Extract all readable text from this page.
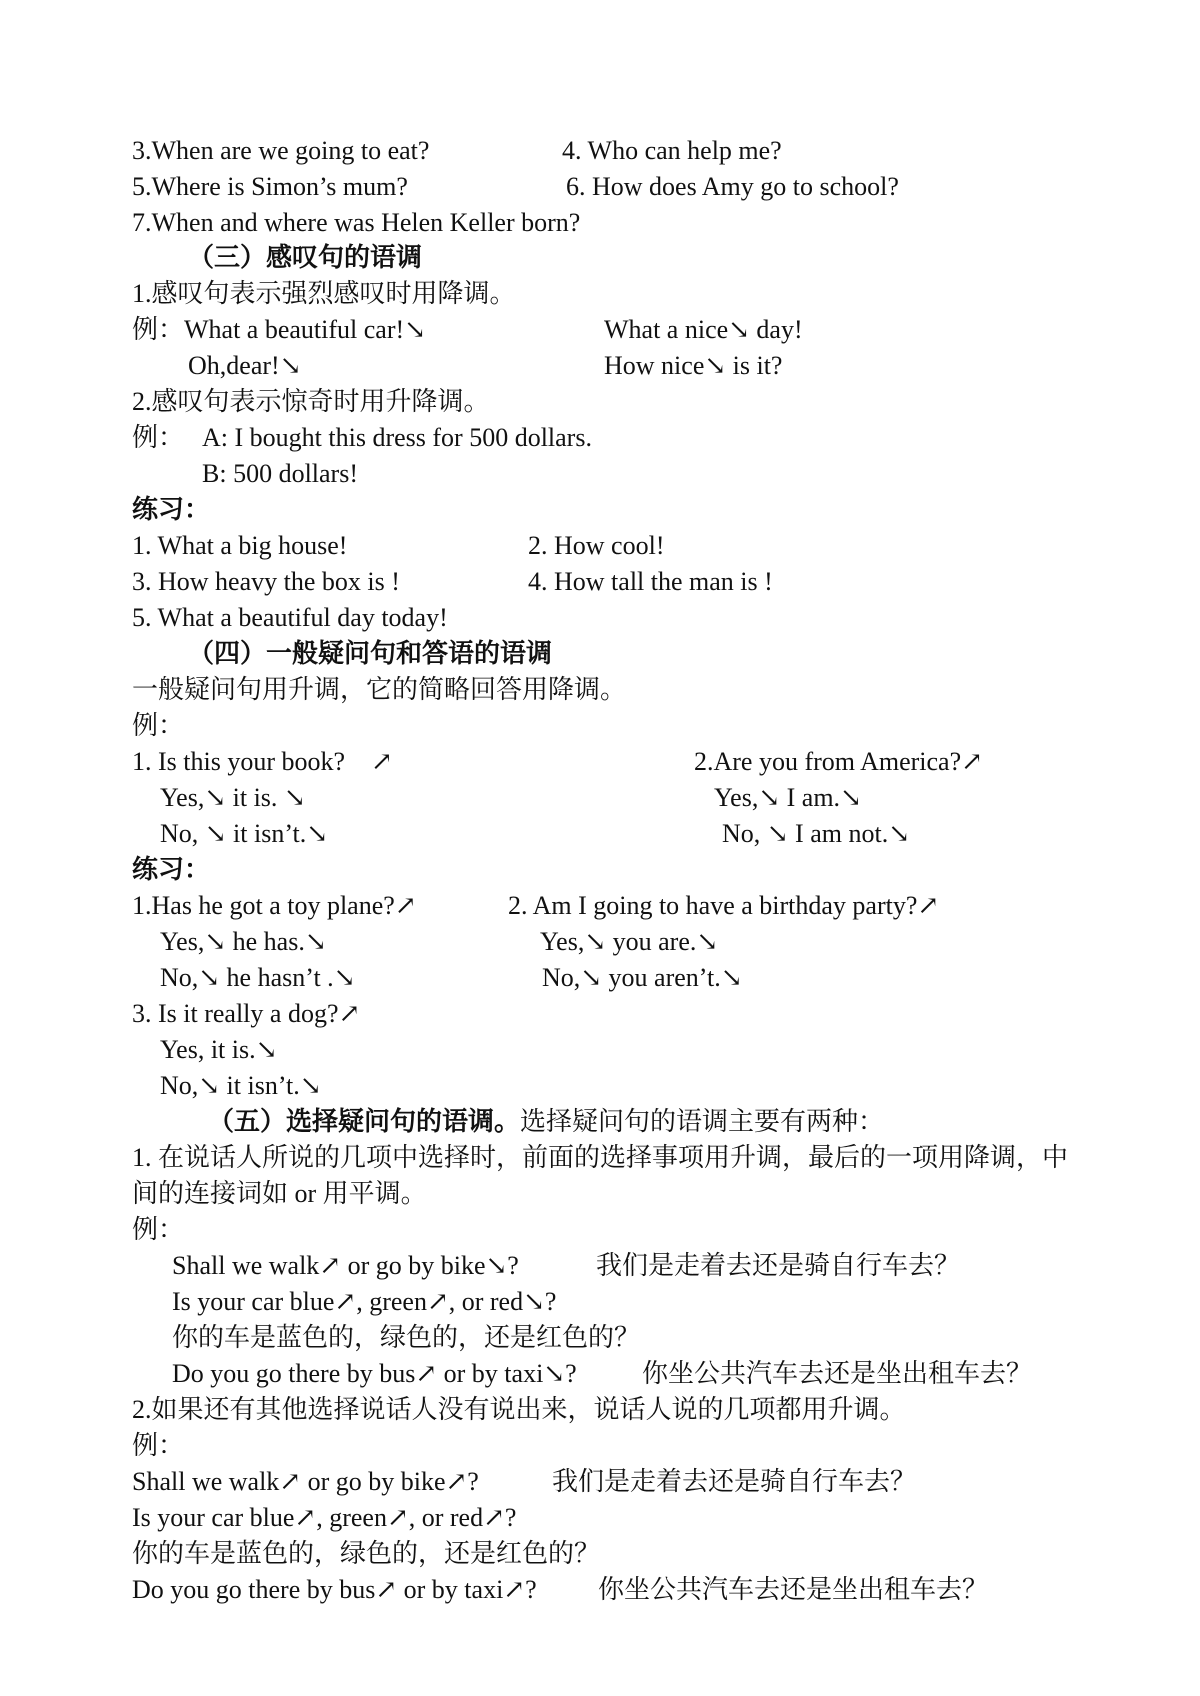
3.When are we going to eat?	4. Who can help me?
5.Where is Simon’s mum?	6. How does Amy go to school?
7.When and where was Helen Keller born?
（三）感叹句的语调
1.感叹句表示强烈感叹时用降调。
例：What a beautiful car!↘	What a nice↘ day!
Oh,dear!↘	How nice↘ is it?
2.感叹句表示惊奇时用升降调。
例： A: I bought this dress for 500 dollars.
B: 500 dollars!
练习：
1. What a big house!	2. How cool!
3. How heavy the box is !	4. How tall the man is !
5. What a beautiful day today!
（四）一般疑问句和答语的语调
一般疑问句用升调，它的简略回答用降调。
例：
1. Is this your book?　↗	2.Are you from America?↗
Yes,↘ it is. ↘	Yes,↘ I am.↘
No, ↘ it isn’t.↘	No, ↘ I am not.↘
练习：
1.Has he got a toy plane?↗	2. Am I going to have a birthday party?↗
Yes,↘ he has.↘	Yes,↘ you are.↘
No,↘ he hasn’t .↘	No,↘ you aren’t.↘
3. Is it really a dog?↗
Yes, it is.↘
No,↘ it isn’t.↘
（五）选择疑问句的语调。选择疑问句的语调主要有两种：
1. 在说话人所说的几项中选择时，前面的选择事项用升调，最后的一项用降调，中
间的连接词如 or 用平调。
例：
Shall we walk↗ or go by bike↘?	我们是走着去还是骑自行车去？
Is your car blue↗, green↗, or red↘?
你的车是蓝色的，绿色的，还是红色的？
Do you go there by bus↗ or by taxi↘?	你坐公共汽车去还是坐出租车去？
2.如果还有其他选择说话人没有说出来，说话人说的几项都用升调。
例：
Shall we walk↗ or go by bike↗?	我们是走着去还是骑自行车去？
Is your car blue↗, green↗, or red↗?
你的车是蓝色的，绿色的，还是红色的？
Do you go there by bus↗ or by taxi↗? 你坐公共汽车去还是坐出租车去？
